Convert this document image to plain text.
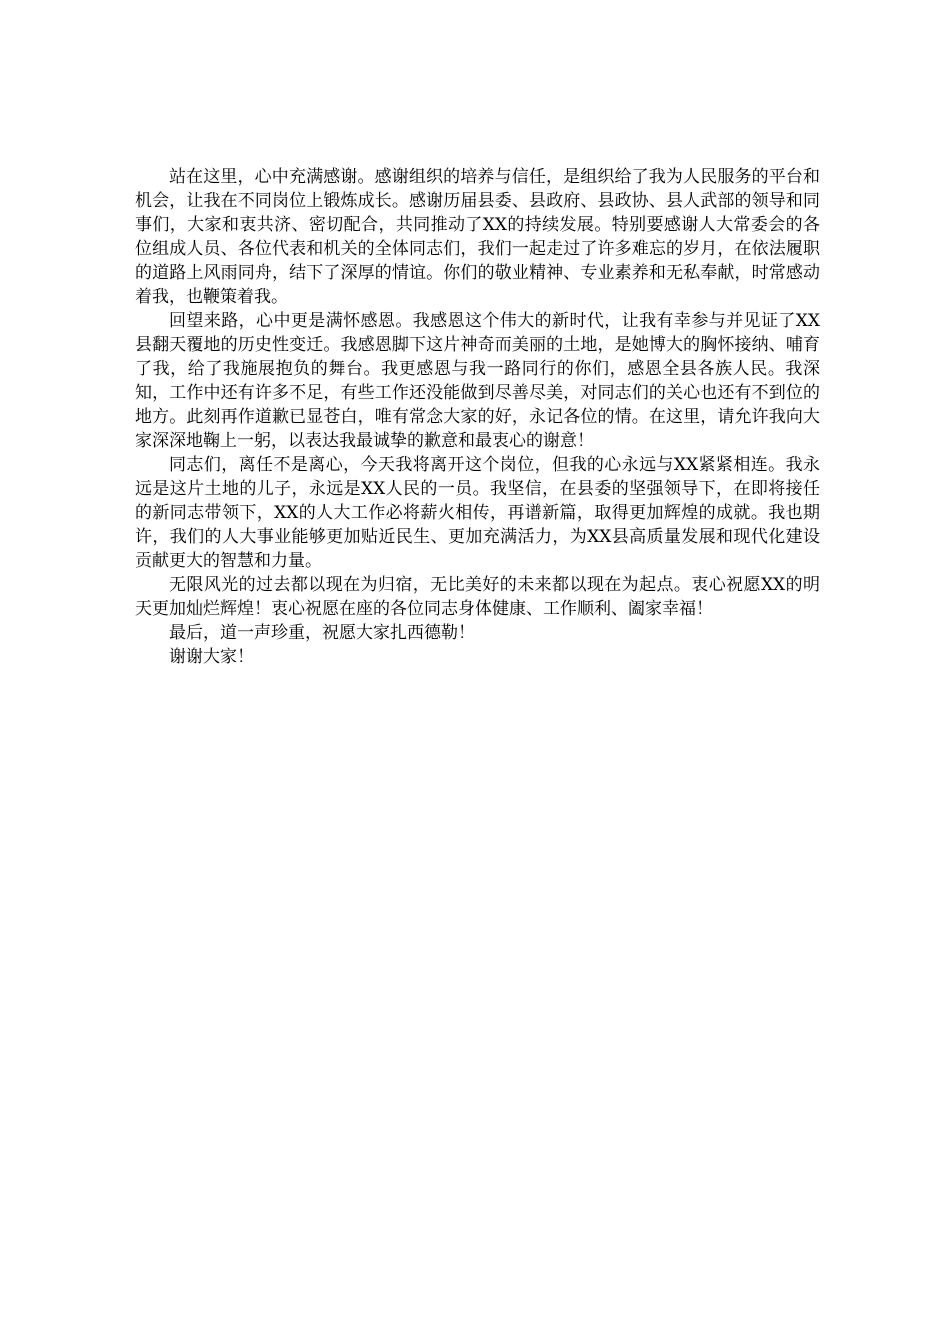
站在这里，心中充满感谢。感谢组织的培养与信任，是组织给了我为人民服务的平台和机会，让我在不同岗位上锻炼成长。感谢历届县委、县政府、县政协、县人武部的领导和同事们，大家和衷共济、密切配合，共同推动了XX的持续发展。特别要感谢人大常委会的各位组成人员、各位代表和机关的全体同志们，我们一起走过了许多难忘的岁月，在依法履职的道路上风雨同舟，结下了深厚的情谊。你们的敬业精神、专业素养和无私奉献，时常感动着我，也鞭策着我。

回望来路，心中更是满怀感恩。我感恩这个伟大的新时代，让我有幸参与并见证了XX县翻天覆地的历史性变迁。我感恩脚下这片神奇而美丽的土地，是她博大的胸怀接纳、哺育了我，给了我施展抱负的舞台。我更感恩与我一路同行的你们，感恩全县各族人民。我深知，工作中还有许多不足，有些工作还没能做到尽善尽美，对同志们的关心也还有不到位的地方。此刻再作道歉已显苍白，唯有常念大家的好，永记各位的情。在这里，请允许我向大家深深地鞠上一躬，以表达我最诚挚的歉意和最衷心的谢意！

同志们，离任不是离心，今天我将离开这个岗位，但我的心永远与XX紧紧相连。我永远是这片土地的儿子，永远是XX人民的一员。我坚信，在县委的坚强领导下，在即将接任的新同志带领下，XX的人大工作必将薪火相传，再谱新篇，取得更加辉煌的成就。我也期许，我们的人大事业能够更加贴近民生、更加充满活力，为XX县高质量发展和现代化建设贡献更大的智慧和力量。

无限风光的过去都以现在为归宿，无比美好的未来都以现在为起点。衷心祝愿XX的明天更加灿烂辉煌！衷心祝愿在座的各位同志身体健康、工作顺利、阖家幸福！

最后，道一声珍重，祝愿大家扎西德勒！

谢谢大家！
